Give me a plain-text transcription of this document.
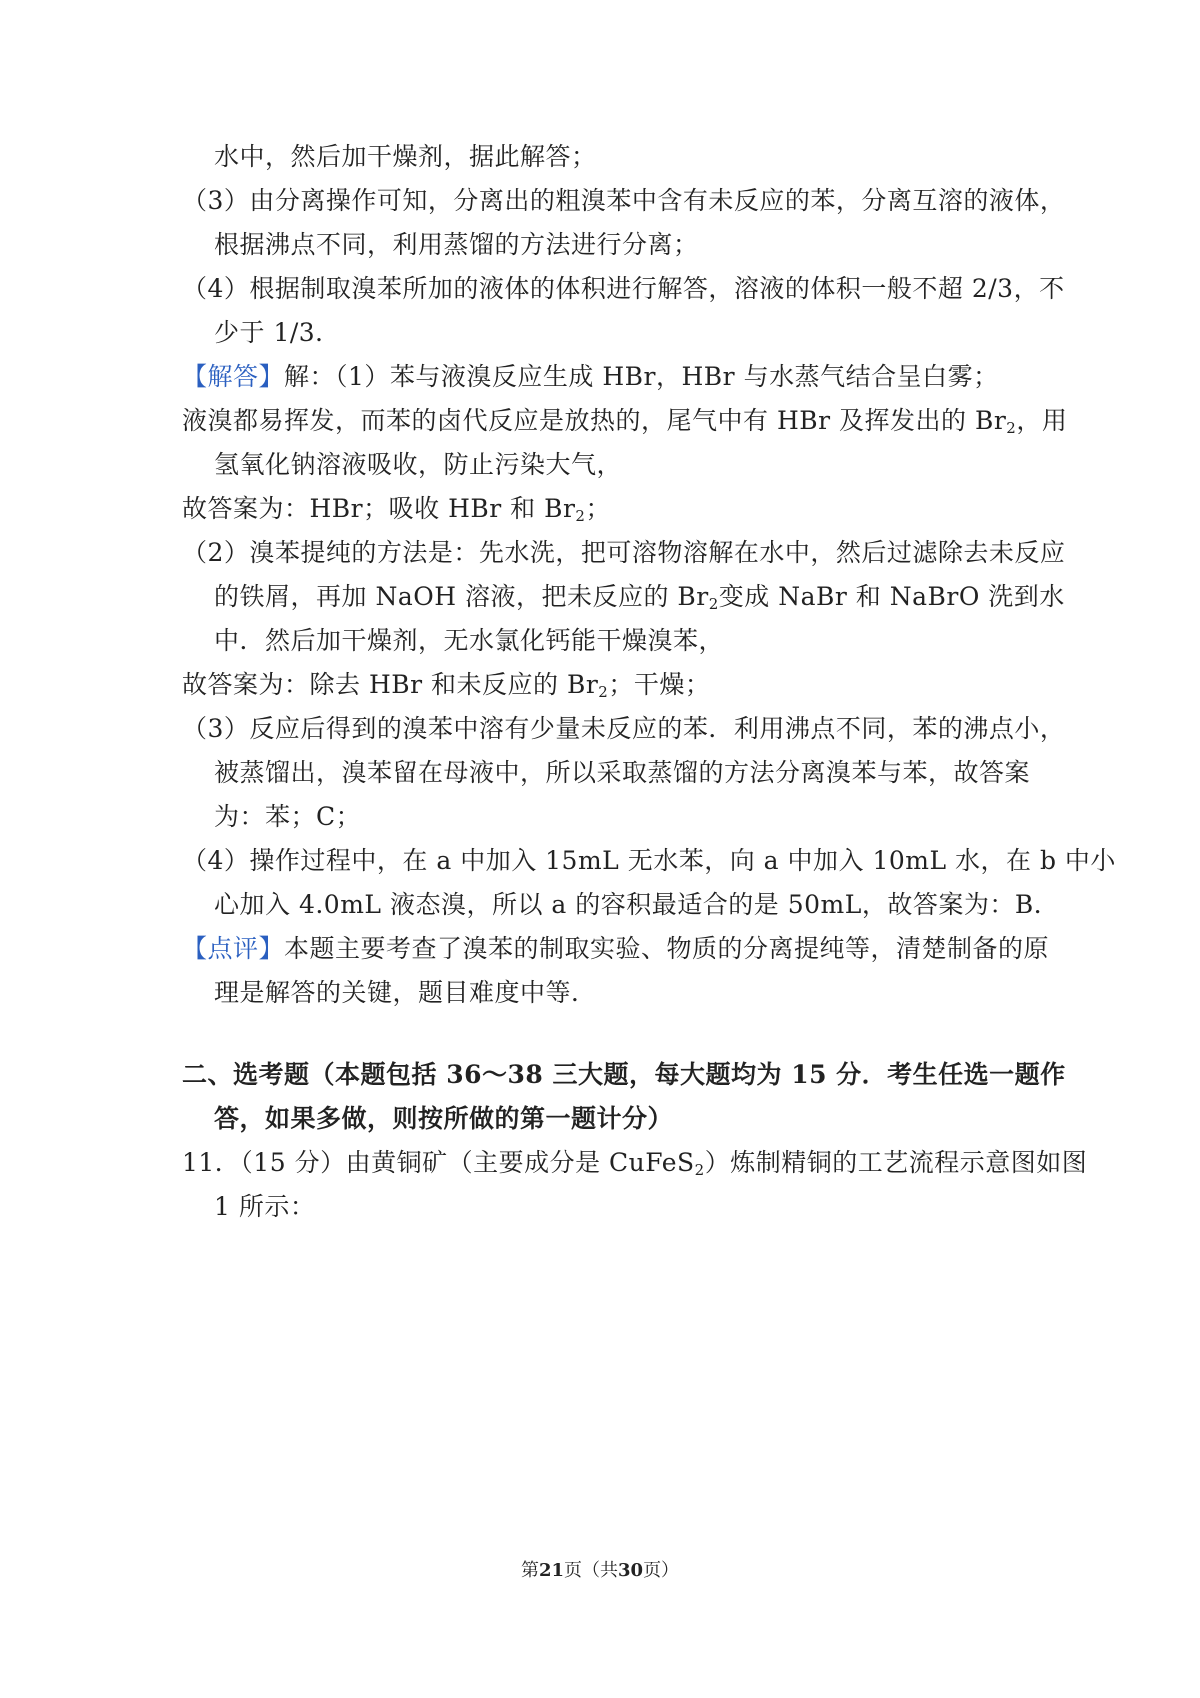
水中，然后加干燥剂，据此解答；
（3）由分离操作可知，分离出的粗溴苯中含有未反应的苯，分离互溶的液体，
根据沸点不同，利用蒸馏的方法进行分离；
（4）根据制取溴苯所加的液体的体积进行解答，溶液的体积一般不超 2/3，不
少于 1/3．
【解答】解：（1）苯与液溴反应生成 HBr，HBr 与水蒸气结合呈白雾；
液溴都易挥发，而苯的卤代反应是放热的，尾气中有 HBr 及挥发出的 $Br_2$，用
氢氧化钠溶液吸收，防止污染大气，
故答案为：HBr；吸收 HBr 和 $Br_2$；
（2）溴苯提纯的方法是：先水洗，把可溶物溶解在水中，然后过滤除去未反应
的铁屑，再加 NaOH 溶液，把未反应的 $Br_2$变成 NaBr 和 NaBrO 洗到水
中．然后加干燥剂，无水氯化钙能干燥溴苯，
故答案为：除去 HBr 和未反应的 $Br_2$；干燥；
（3）反应后得到的溴苯中溶有少量未反应的苯．利用沸点不同，苯的沸点小，
被蒸馏出，溴苯留在母液中，所以采取蒸馏的方法分离溴苯与苯，故答案
为：苯；C；
（4）操作过程中，在 a 中加入 15mL 无水苯，向 a 中加入 10mL 水，在 b 中小
心加入 4.0mL 液态溴，所以 a 的容积最适合的是 50mL，故答案为：B．
【点评】本题主要考查了溴苯的制取实验、物质的分离提纯等，清楚制备的原
理是解答的关键，题目难度中等．
二、选考题（本题包括 36～38 三大题，每大题均为 15 分．考生任选一题作
答，如果多做，则按所做的第一题计分）
11．（15 分）由黄铜矿（主要成分是 CuFeS$_2$）炼制精铜的工艺流程示意图如图
1 所示：
第21页（共30页）
